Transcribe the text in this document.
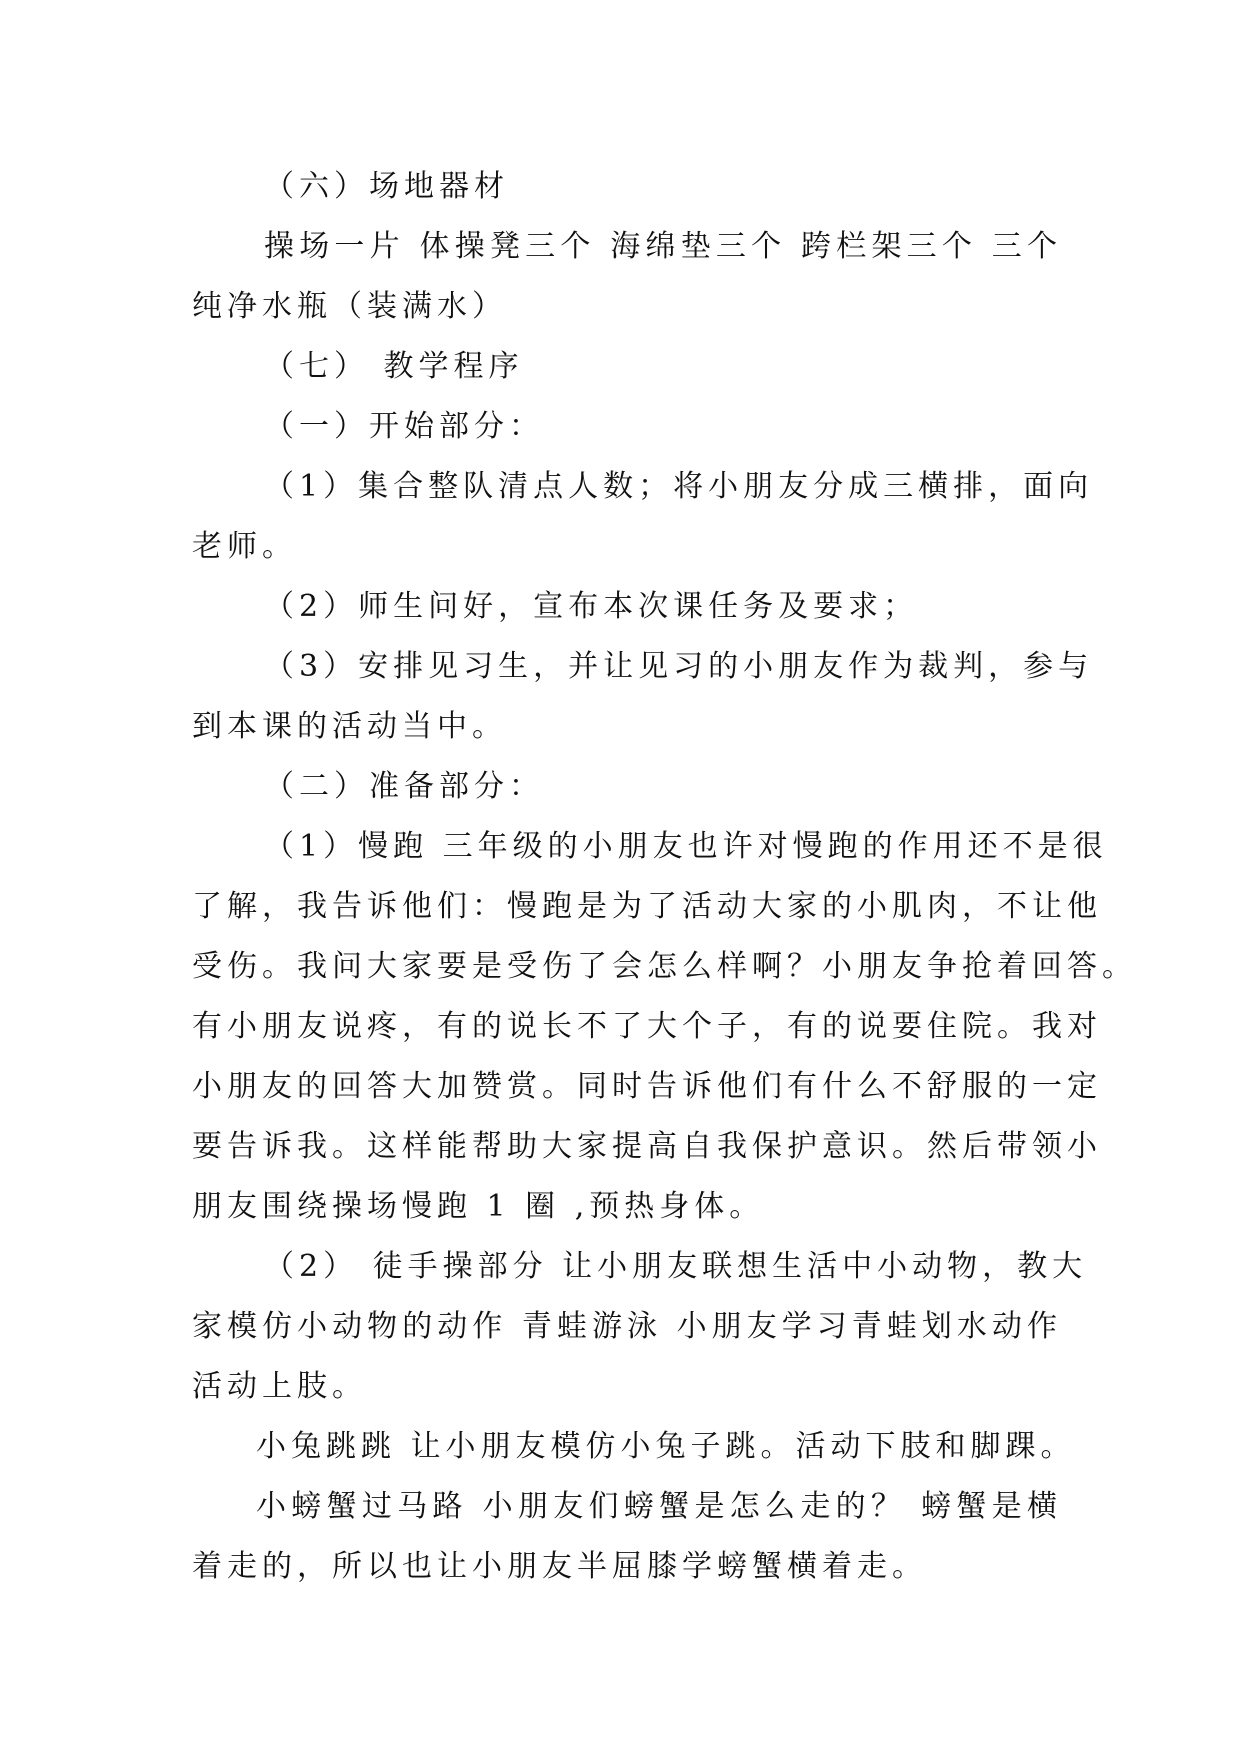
（六）场地器材
操场一片 体操凳三个 海绵垫三个 跨栏架三个 三个
纯净水瓶（装满水）
（七） 教学程序
（一）开始部分：
（1）集合整队清点人数；将小朋友分成三横排，面向
老师。
（2）师生问好，宣布本次课任务及要求；
（3）安排见习生，并让见习的小朋友作为裁判，参与
到本课的活动当中。
（二）准备部分：
（1）慢跑 三年级的小朋友也许对慢跑的作用还不是很
了解，我告诉他们：慢跑是为了活动大家的小肌肉，不让他
受伤。我问大家要是受伤了会怎么样啊？小朋友争抢着回答。
有小朋友说疼，有的说长不了大个子，有的说要住院。我对
小朋友的回答大加赞赏。同时告诉他们有什么不舒服的一定
要告诉我。这样能帮助大家提高自我保护意识。然后带领小
朋友围绕操场慢跑 1 圈 ,预热身体。
（2） 徒手操部分 让小朋友联想生活中小动物，教大
家模仿小动物的动作 青蛙游泳 小朋友学习青蛙划水动作
活动上肢。
小兔跳跳 让小朋友模仿小兔子跳。活动下肢和脚踝。
小螃蟹过马路 小朋友们螃蟹是怎么走的？ 螃蟹是横
着走的，所以也让小朋友半屈膝学螃蟹横着走。
